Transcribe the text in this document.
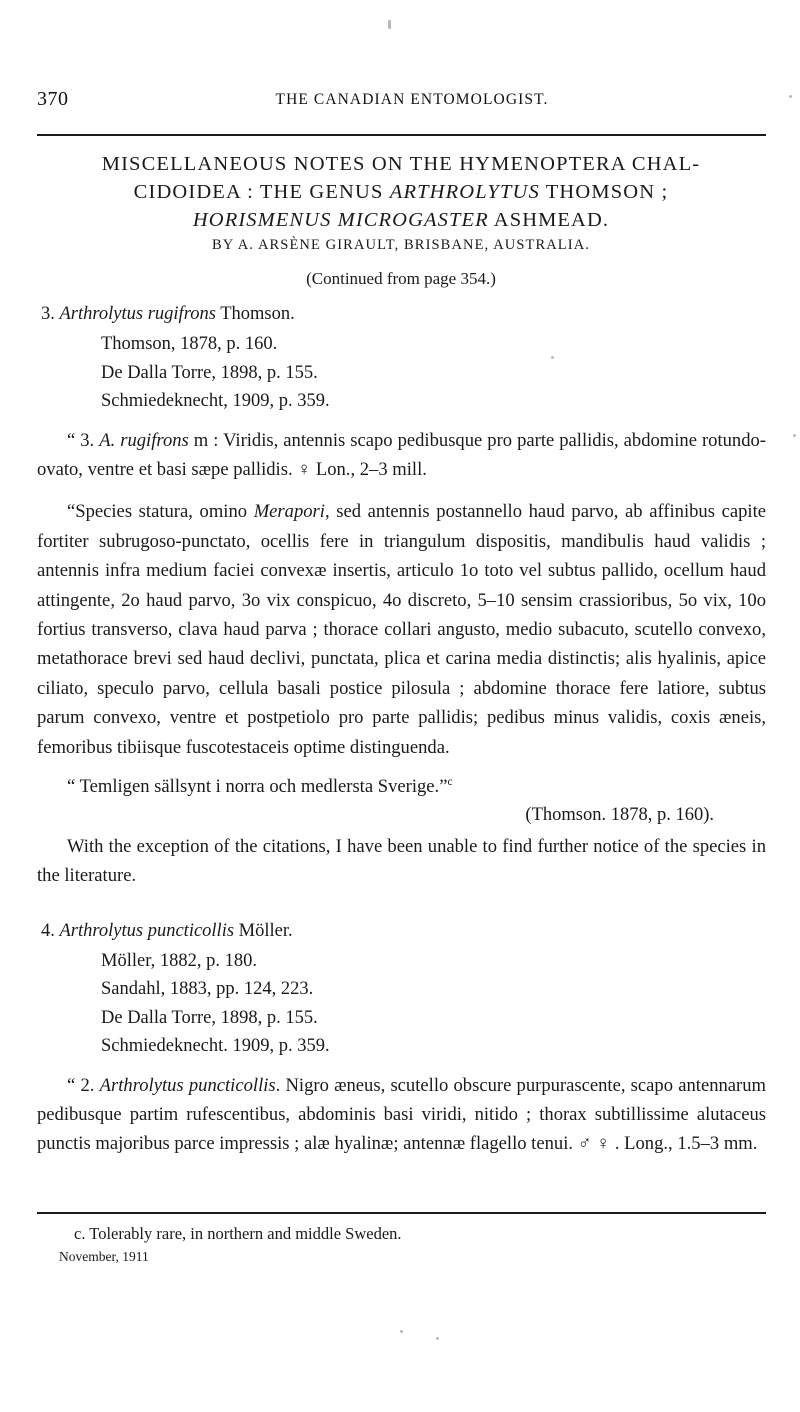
370	THE CANADIAN ENTOMOLOGIST.
MISCELLANEOUS NOTES ON THE HYMENOPTERA CHAL-
CIDOIDEA : THE GENUS ARTHROLYTUS THOMSON ;
HORISMENUS MICROGASTER ASHMEAD.
BY A. ARSÈNE GIRAULT, BRISBANE, AUSTRALIA.
(Continued from page 354.)

3. Arthrolytus rugifrons Thomson.

Thomson, 1878, p. 160.

De Dalla Torre, 1898, p. 155.

Schmiedeknecht, 1909, p. 359.

“ 3. A. rugifrons m : Viridis, antennis scapo pedibusque pro parte pallidis, abdomine rotundo-ovato, ventre et basi sæpe pallidis. ♀ Lon., 2–3 mill.

“Species statura, omino Merapori, sed antennis postannello haud parvo, ab affinibus capite fortiter subrugoso-punctato, ocellis fere in triangulum dispositis, mandibulis haud validis ; antennis infra medium faciei convexæ insertis, articulo 1o toto vel subtus pallido, ocellum haud attingente, 2o haud parvo, 3o vix conspicuo, 4o discreto, 5–10 sensim crassioribus, 5o vix, 10o fortius transverso, clava haud parva ; thorace collari angusto, medio subacuto, scutello convexo, metathorace brevi sed haud declivi, punctata, plica et carina media distinctis; alis hyalinis, apice ciliato, speculo parvo, cellula basali postice pilosula ; abdomine thorace fere latiore, subtus parum convexo, ventre et postpetiolo pro parte pallidis; pedibus minus validis, coxis æneis, femoribus tibiisque fuscotestaceis optime distinguenda.

“ Temligen sällsynt i norra och medlersta Sverige.”$^c$

(Thomson. 1878, p. 160).

With the exception of the citations, I have been unable to find further notice of the species in the literature.

4. Arthrolytus puncticollis Möller.

Möller, 1882, p. 180.

Sandahl, 1883, pp. 124, 223.

De Dalla Torre, 1898, p. 155.

Schmiedeknecht. 1909, p. 359.

“ 2. Arthrolytus puncticollis. Nigro æneus, scutello obscure purpurascente, scapo antennarum pedibusque partim rufescentibus, abdominis basi viridi, nitido ; thorax subtillissime alutaceus punctis majoribus parce impressis ; alæ hyalinæ; antennæ flagello tenui. ♂ ♀ . Long., 1.5–3 mm.

c. Tolerably rare, in northern and middle Sweden.

November, 1911
